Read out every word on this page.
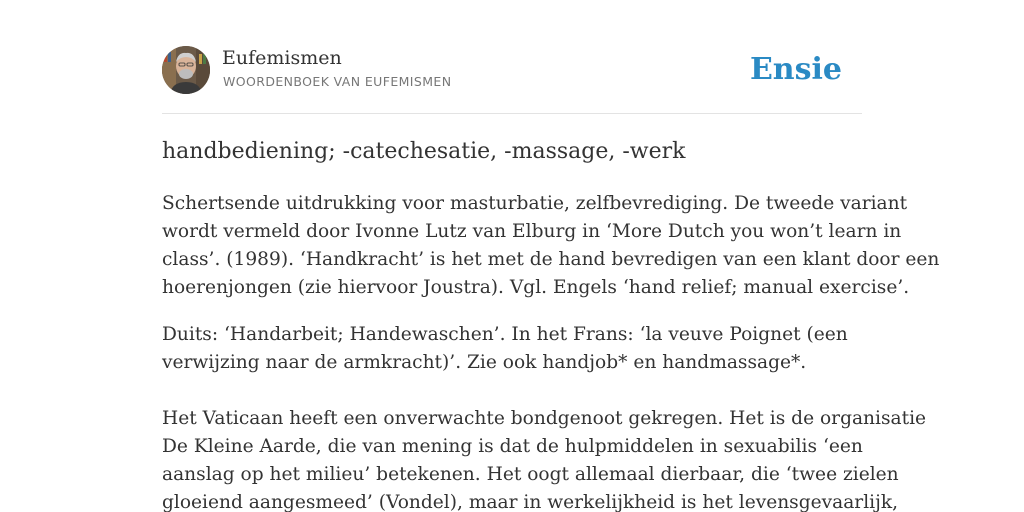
Eufemismen
WOORDENBOEK VAN EUFEMISMEN	Ensie
handbediening; -catechesatie, -massage, -werk
Schertsende uitdrukking voor masturbatie, zelfbevrediging. De tweede variant
wordt vermeld door Ivonne Lutz van Elburg in ‘More Dutch you won’t learn in
class’. (1989). ‘Handkracht’ is het met de hand bevredigen van een klant door een
hoerenjongen (zie hiervoor Joustra). Vgl. Engels ‘hand relief; manual exercise’.
Duits: ‘Handarbeit; Handewaschen’. In het Frans: ‘la veuve Poignet (een
verwijzing naar de armkracht)’. Zie ook handjob* en handmassage*.
Het Vaticaan heeft een onverwachte bondgenoot gekregen. Het is de organisatie
De Kleine Aarde, die van mening is dat de hulpmiddelen in sexuabilis ‘een
aanslag op het milieu’ betekenen. Het oogt allemaal dierbaar, die ‘twee zielen
gloeiend aangesmeed’ (Vondel), maar in werkelijkheid is het levensgevaarlijk,
